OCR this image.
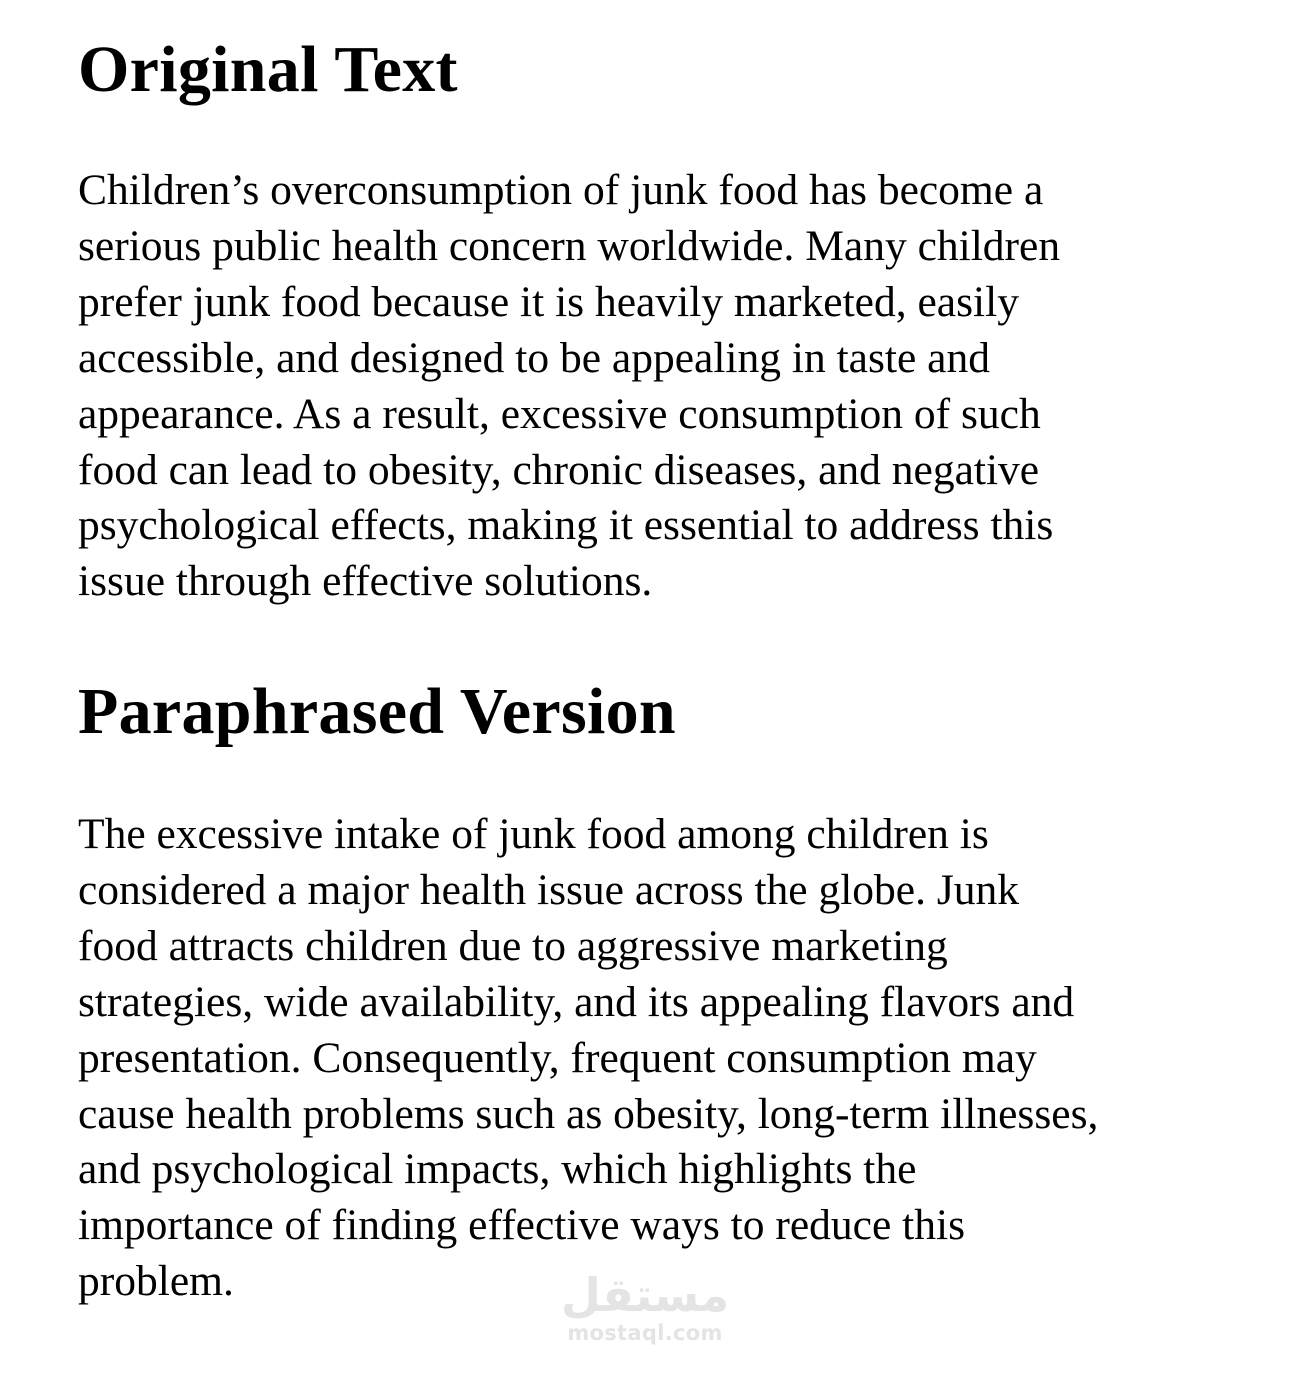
Original Text

Children’s overconsumption of junk food has become a
serious public health concern worldwide. Many children
prefer junk food because it is heavily marketed, easily
accessible, and designed to be appealing in taste and
appearance. As a result, excessive consumption of such
food can lead to obesity, chronic diseases, and negative
psychological effects, making it essential to address this
issue through effective solutions.

Paraphrased Version

The excessive intake of junk food among children is
considered a major health issue across the globe. Junk
food attracts children due to aggressive marketing
strategies, wide availability, and its appealing flavors and
presentation. Consequently, frequent consumption may
cause health problems such as obesity, long-term illnesses,
and psychological impacts, which highlights the
importance of finding effective ways to reduce this
problem.	مستقل
mostaql.com
